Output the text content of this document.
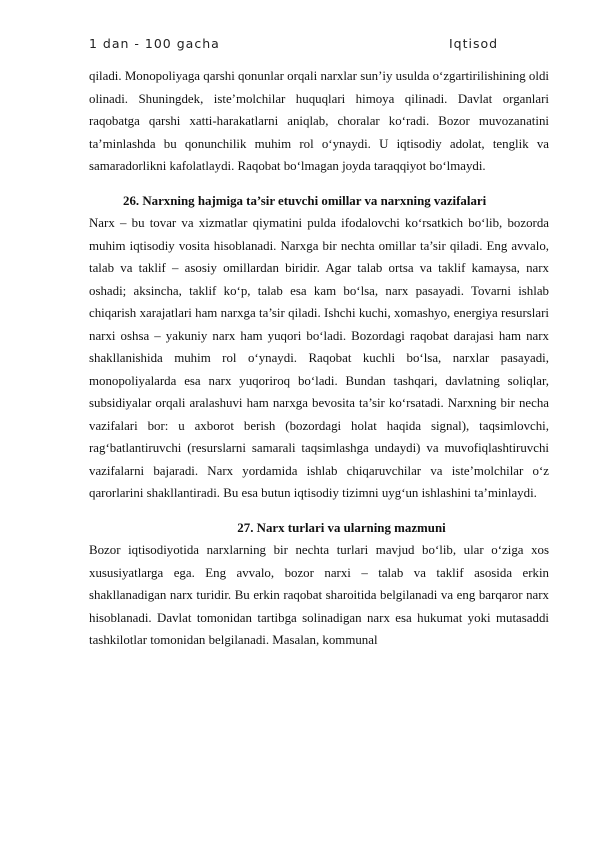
1 dan - 100 gacha	Iqtisod

qiladi. Monopoliyaga qarshi qonunlar orqali narxlar sun’iy usulda o‘zgartirilishining oldi olinadi. Shuningdek, iste’molchilar huquqlari himoya qilinadi. Davlat organlari raqobatga qarshi xatti-harakatlarni aniqlab, choralar ko‘radi. Bozor muvozanatini ta’minlashda bu qonunchilik muhim rol o‘ynaydi. U iqtisodiy adolat, tenglik va samaradorlikni kafolatlaydi. Raqobat bo‘lmagan joyda taraqqiyot bo‘lmaydi.

26. Narxning hajmiga ta’sir etuvchi omillar va narxning vazifalari

Narx – bu tovar va xizmatlar qiymatini pulda ifodalovchi ko‘rsatkich bo‘lib, bozorda muhim iqtisodiy vosita hisoblanadi. Narxga bir nechta omillar ta’sir qiladi. Eng avvalo, talab va taklif – asosiy omillardan biridir. Agar talab ortsa va taklif kamaysa, narx oshadi; aksincha, taklif ko‘p, talab esa kam bo‘lsa, narx pasayadi. Tovarni ishlab chiqarish xarajatlari ham narxga ta’sir qiladi. Ishchi kuchi, xomashyo, energiya resurslari narxi oshsa – yakuniy narx ham yuqori bo‘ladi. Bozordagi raqobat darajasi ham narx shakllanishida muhim rol o‘ynaydi. Raqobat kuchli bo‘lsa, narxlar pasayadi, monopoliyalarda esa narx yuqoriroq bo‘ladi. Bundan tashqari, davlatning soliqlar, subsidiyalar orqali aralashuvi ham narxga bevosita ta’sir ko‘rsatadi. Narxning bir necha vazifalari bor: u axborot berish (bozordagi holat haqida signal), taqsimlovchi, rag‘batlantiruvchi (resurslarni samarali taqsimlashga undaydi) va muvofiqlashtiruvchi vazifalarni bajaradi. Narx yordamida ishlab chiqaruvchilar va iste’molchilar o‘z qarorlarini shakllantiradi. Bu esa butun iqtisodiy tizimni uyg‘un ishlashini ta’minlaydi.

27. Narx turlari va ularning mazmuni

Bozor iqtisodiyotida narxlarning bir nechta turlari mavjud bo‘lib, ular o‘ziga xos xususiyatlarga ega. Eng avvalo, bozor narxi – talab va taklif asosida erkin shakllanadigan narx turidir. Bu erkin raqobat sharoitida belgilanadi va eng barqaror narx hisoblanadi. Davlat tomonidan tartibga solinadigan narx esa hukumat yoki mutasaddi tashkilotlar tomonidan belgilanadi. Masalan, kommunal
